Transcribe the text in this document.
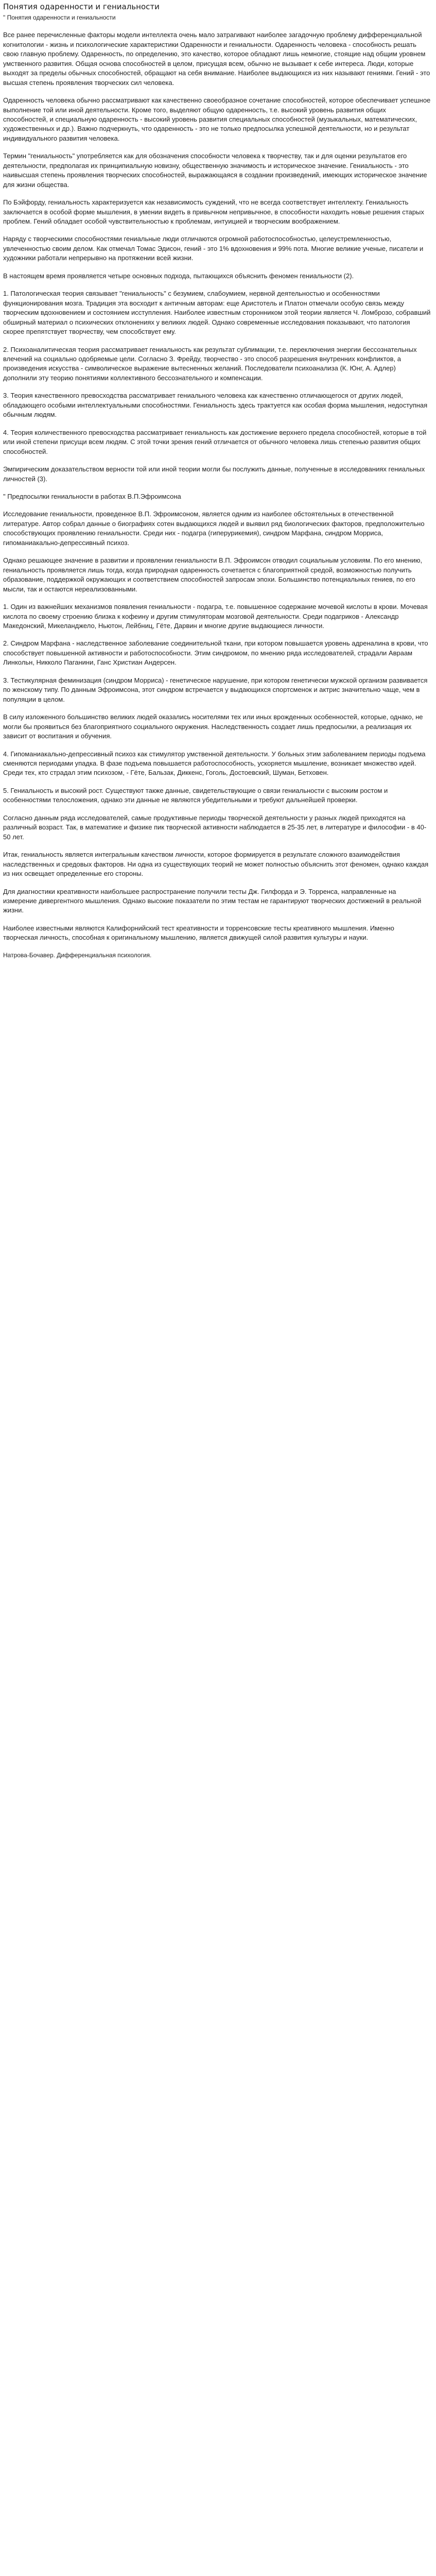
Понятия одаренности и гениальности
" Понятия одаренности и гениальности

Все ранее перечисленные факторы модели интеллекта очень мало затрагивают наиболее загадочную проблему дифференциальной когнитологии - жизнь и психологические характеристики Одаренности и гениальности. Одаренность человека - способность решать свою главную проблему. Одаренность, по определению, это качество, которое обладают лишь немногие, стоящие над общим уровнем умственного развития. Общая основа способностей в целом, присущая всем, обычно не вызывает к себе интереса. Люди, которые выходят за пределы обычных способностей, обращают на себя внимание. Наиболее выдающихся из них называют гениями. Гений - это высшая степень проявления творческих сил человека.

Одаренность человека обычно рассматривают как качественно своеобразное сочетание способностей, которое обеспечивает успешное выполнение той или иной деятельности. Кроме того, выделяют общую одаренность, т.е. высокий уровень развития общих способностей, и специальную одаренность - высокий уровень развития специальных способностей (музыкальных, математических, художественных и др.). Важно подчеркнуть, что одаренность - это не только предпосылка успешной деятельности, но и результат индивидуального развития человека.

Термин "гениальность" употребляется как для обозначения способности человека к творчеству, так и для оценки результатов его деятельности, предполагая их принципиальную новизну, общественную значимость и историческое значение. Гениальность - это наивысшая степень проявления творческих способностей, выражающаяся в создании произведений, имеющих историческое значение для жизни общества.

По Бэйфорду, гениальность характеризуется как независимость суждений, что не всегда соответствует интеллекту. Гениальность заключается в особой форме мышления, в умении видеть в привычном непривычное, в способности находить новые решения старых проблем. Гений обладает особой чувствительностью к проблемам, интуицией и творческим воображением.

Наряду с творческими способностями гениальные люди отличаются огромной работоспособностью, целеустремленностью, увлеченностью своим делом. Как отмечал Томас Эдисон, гений - это 1% вдохновения и 99% пота. Многие великие ученые, писатели и художники работали непрерывно на протяжении всей жизни.

В настоящем время проявляется четыре основных подхода, пытающихся объяснить феномен гениальности (2).

1. Патологическая теория связывает "гениальность" с безумием, слабоумием, нервной деятельностью и особенностями функционирования мозга. Традиция эта восходит к античным авторам: еще Аристотель и Платон отмечали особую связь между творческим вдохновением и состоянием исступления. Наиболее известным сторонником этой теории является Ч. Ломброзо, собравший обширный материал о психических отклонениях у великих людей. Однако современные исследования показывают, что патология скорее препятствует творчеству, чем способствует ему.

2. Психоаналитическая теория рассматривает гениальность как результат сублимации, т.е. переключения энергии бессознательных влечений на социально одобряемые цели. Согласно З. Фрейду, творчество - это способ разрешения внутренних конфликтов, а произведения искусства - символическое выражение вытесненных желаний. Последователи психоанализа (К. Юнг, А. Адлер) дополнили эту теорию понятиями коллективного бессознательного и компенсации.

3. Теория качественного превосходства рассматривает гениального человека как качественно отличающегося от других людей, обладающего особыми интеллектуальными способностями. Гениальность здесь трактуется как особая форма мышления, недоступная обычным людям.

4. Теория количественного превосходства рассматривает гениальность как достижение верхнего предела способностей, которые в той или иной степени присущи всем людям. С этой точки зрения гений отличается от обычного человека лишь степенью развития общих способностей.

Эмпирическим доказательством верности той или иной теории могли бы послужить данные, полученные в исследованиях гениальных личностей (3).

" Предпосылки гениальности в работах В.П.Эфроимсона

Исследование гениальности, проведенное В.П. Эфроимсоном, является одним из наиболее обстоятельных в отечественной литературе. Автор собрал данные о биографиях сотен выдающихся людей и выявил ряд биологических факторов, предположительно способствующих проявлению гениальности. Среди них - подагра (гиперурикемия), синдром Марфана, синдром Морриса, гипоманиакально-депрессивный психоз.

Однако решающее значение в развитии и проявлении гениальности В.П. Эфроимсон отводил социальным условиям. По его мнению, гениальность проявляется лишь тогда, когда природная одаренность сочетается с благоприятной средой, возможностью получить образование, поддержкой окружающих и соответствием способностей запросам эпохи. Большинство потенциальных гениев, по его мысли, так и остаются нереализованными.

1. Один из важнейших механизмов появления гениальности - подагра, т.е. повышенное содержание мочевой кислоты в крови. Мочевая кислота по своему строению близка к кофеину и другим стимуляторам мозговой деятельности. Среди подагриков - Александр Македонский, Микеланджело, Ньютон, Лейбниц, Гёте, Дарвин и многие другие выдающиеся личности.

2. Синдром Марфана - наследственное заболевание соединительной ткани, при котором повышается уровень адреналина в крови, что способствует повышенной активности и работоспособности. Этим синдромом, по мнению ряда исследователей, страдали Авраам Линкольн, Никколо Паганини, Ганс Христиан Андерсен.

3. Тестикулярная феминизация (синдром Морриса) - генетическое нарушение, при котором генетически мужской организм развивается по женскому типу. По данным Эфроимсона, этот синдром встречается у выдающихся спортсменок и актрис значительно чаще, чем в популяции в целом.

В силу изложенного большинство великих людей оказались носителями тех или иных врожденных особенностей, которые, однако, не могли бы проявиться без благоприятного социального окружения. Наследственность создает лишь предпосылки, а реализация их зависит от воспитания и обучения.

4. Гипоманиакально-депрессивный психоз как стимулятор умственной деятельности. У больных этим заболеванием периоды подъема сменяются периодами упадка. В фазе подъема повышается работоспособность, ускоряется мышление, возникает множество идей. Среди тех, кто страдал этим психозом, - Гёте, Бальзак, Диккенс, Гоголь, Достоевский, Шуман, Бетховен.

5. Гениальность и высокий рост. Существуют также данные, свидетельствующие о связи гениальности с высоким ростом и особенностями телосложения, однако эти данные не являются убедительными и требуют дальнейшей проверки.

Согласно данным ряда исследователей, самые продуктивные периоды творческой деятельности у разных людей приходятся на различный возраст. Так, в математике и физике пик творческой активности наблюдается в 25-35 лет, в литературе и философии - в 40-50 лет.

Итак, гениальность является интегральным качеством личности, которое формируется в результате сложного взаимодействия наследственных и средовых факторов. Ни одна из существующих теорий не может полностью объяснить этот феномен, однако каждая из них освещает определенные его стороны.

Для диагностики креативности наибольшее распространение получили тесты Дж. Гилфорда и Э. Торренса, направленные на измерение дивергентного мышления. Однако высокие показатели по этим тестам не гарантируют творческих достижений в реальной жизни.

Наиболее известными являются Калифорнийский тест креативности и торренсовские тесты креативного мышления. Именно творческая личность, способная к оригинальному мышлению, является движущей силой развития культуры и науки.

Натрова-Бочавер. Дифференциальная психология.
